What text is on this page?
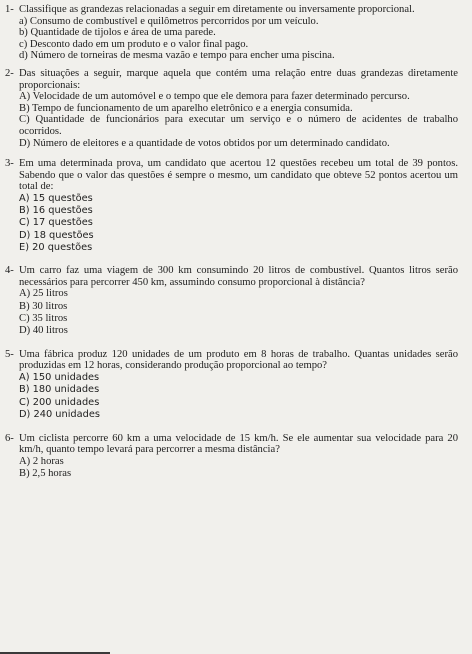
1- Classifique as grandezas relacionadas a seguir em diretamente ou inversamente proporcional.
a) Consumo de combustível e quilômetros percorridos por um veículo.
b) Quantidade de tijolos e área de uma parede.
c) Desconto dado em um produto e o valor final pago.
d) Número de torneiras de mesma vazão e tempo para encher uma piscina.
2- Das situações a seguir, marque aquela que contém uma relação entre duas grandezas diretamente proporcionais:
A) Velocidade de um automóvel e o tempo que ele demora para fazer determinado percurso.
B) Tempo de funcionamento de um aparelho eletrônico e a energia consumida.
C) Quantidade de funcionários para executar um serviço e o número de acidentes de trabalho ocorridos.
D) Número de eleitores e a quantidade de votos obtidos por um determinado candidato.
3- Em uma determinada prova, um candidato que acertou 12 questões recebeu um total de 39 pontos. Sabendo que o valor das questões é sempre o mesmo, um candidato que obteve 52 pontos acertou um total de:
A) 15 questões
B) 16 questões
C) 17 questões
D) 18 questões
E) 20 questões
4- Um carro faz uma viagem de 300 km consumindo 20 litros de combustível. Quantos litros serão necessários para percorrer 450 km, assumindo consumo proporcional à distância?
A) 25 litros
B) 30 litros
C) 35 litros
D) 40 litros
5- Uma fábrica produz 120 unidades de um produto em 8 horas de trabalho. Quantas unidades serão produzidas em 12 horas, considerando produção proporcional ao tempo?
A) 150 unidades
B) 180 unidades
C) 200 unidades
D) 240 unidades
6- Um ciclista percorre 60 km a uma velocidade de 15 km/h. Se ele aumentar sua velocidade para 20 km/h, quanto tempo levará para percorrer a mesma distância?
A) 2 horas
B) 2,5 horas
